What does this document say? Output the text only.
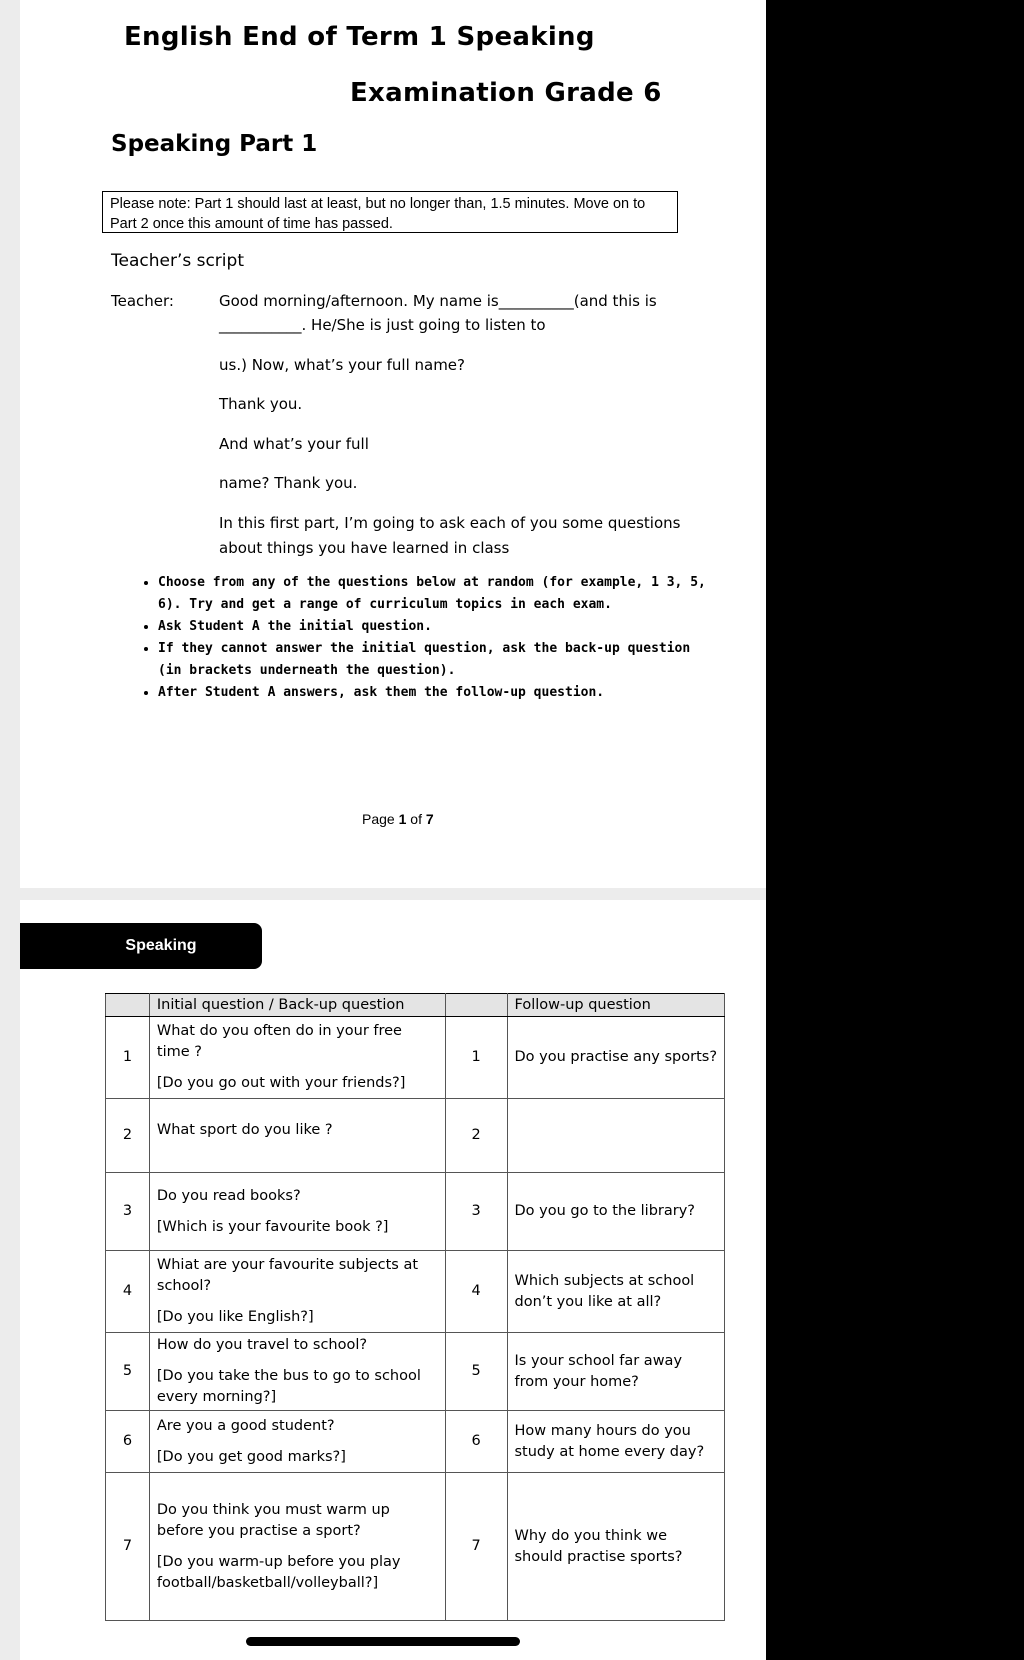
English End of Term 1 Speaking
Examination Grade 6
Speaking Part 1
Please note: Part 1 should last at least, but no longer than, 1.5 minutes. Move on to Part 2 once this amount of time has passed.
Teacher’s script
Teacher:	Good morning/afternoon. My name is__________(and this is
___________. He/She is just going to listen to
us.) Now, what’s your full name?
Thank you.
And what’s your full
name? Thank you.
In this first part, I’m going to ask each of you some questions
about things you have learned in class
• Choose from any of the questions below at random (for example, 1 3, 5, 6). Try and get a range of curriculum topics in each exam.
• Ask Student A the initial question.
• If they cannot answer the initial question, ask the back-up question (in brackets underneath the question).
• After Student A answers, ask them the follow-up question.
Page 1 of 7
Speaking
	Initial question / Back-up question		Follow-up question
1	What do you often do in your free time ?
[Do you go out with your friends?]	1	Do you practise any sports?
2	What sport do you like ?	2	
3	Do you read books?
[Which is your favourite book ?]	3	Do you go to the library?
4	Whiat are your favourite subjects at school?
[Do you like English?]	4	Which subjects at school don’t you like at all?
5	How do you travel to school?
[Do you take the bus to go to school every morning?]	5	Is your school far away from your home?
6	Are you a good student?
[Do you get good marks?]	6	How many hours do you study at home every day?
7	Do you think you must warm up before you practise a sport?
[Do you warm-up before you play football/basketball/volleyball?]	7	Why do you think we should practise sports?
